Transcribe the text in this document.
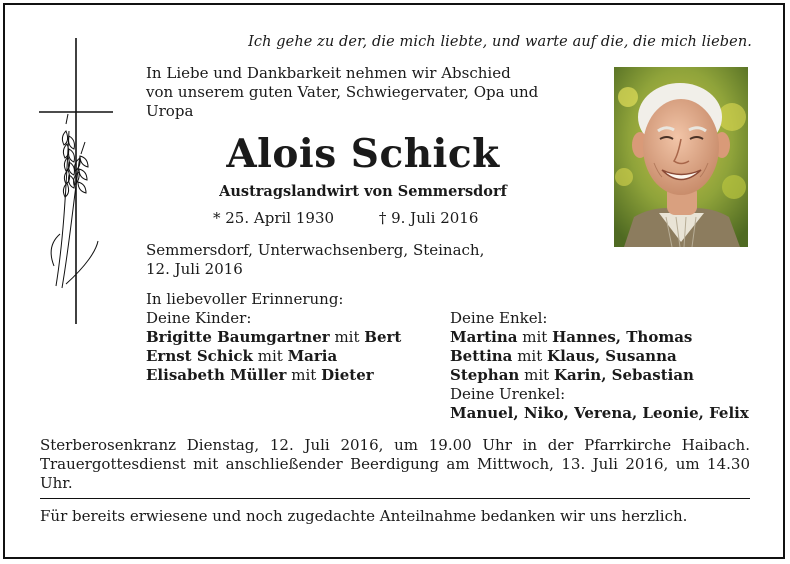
Ich gehe zu der, die mich liebte, und warte auf die, die mich lieben.
In Liebe und Dankbarkeit nehmen wir Abschied
von unserem guten Vater, Schwiegervater, Opa und
Uropa
Alois Schick
Austragslandwirt von Semmersdorf
* 25. April 1930	† 9. Juli 2016
Semmersdorf, Unterwachsenberg, Steinach,
12. Juli 2016
In liebevoller Erinnerung:
Deine Kinder:
Brigitte Baumgartner mit Bert
Ernst Schick mit Maria
Elisabeth Müller mit Dieter
Deine Enkel:
Martina mit Hannes, Thomas
Bettina mit Klaus, Susanna
Stephan mit Karin, Sebastian
Deine Urenkel:
Manuel, Niko, Verena, Leonie, Felix
Sterberosenkranz Dienstag, 12. Juli 2016, um 19.00 Uhr in der Pfarrkirche Haibach. Trauergottesdienst mit anschließender Beerdigung am Mittwoch, 13. Juli 2016, um 14.30 Uhr.
Für bereits erwiesene und noch zugedachte Anteilnahme bedanken wir uns herzlich.
